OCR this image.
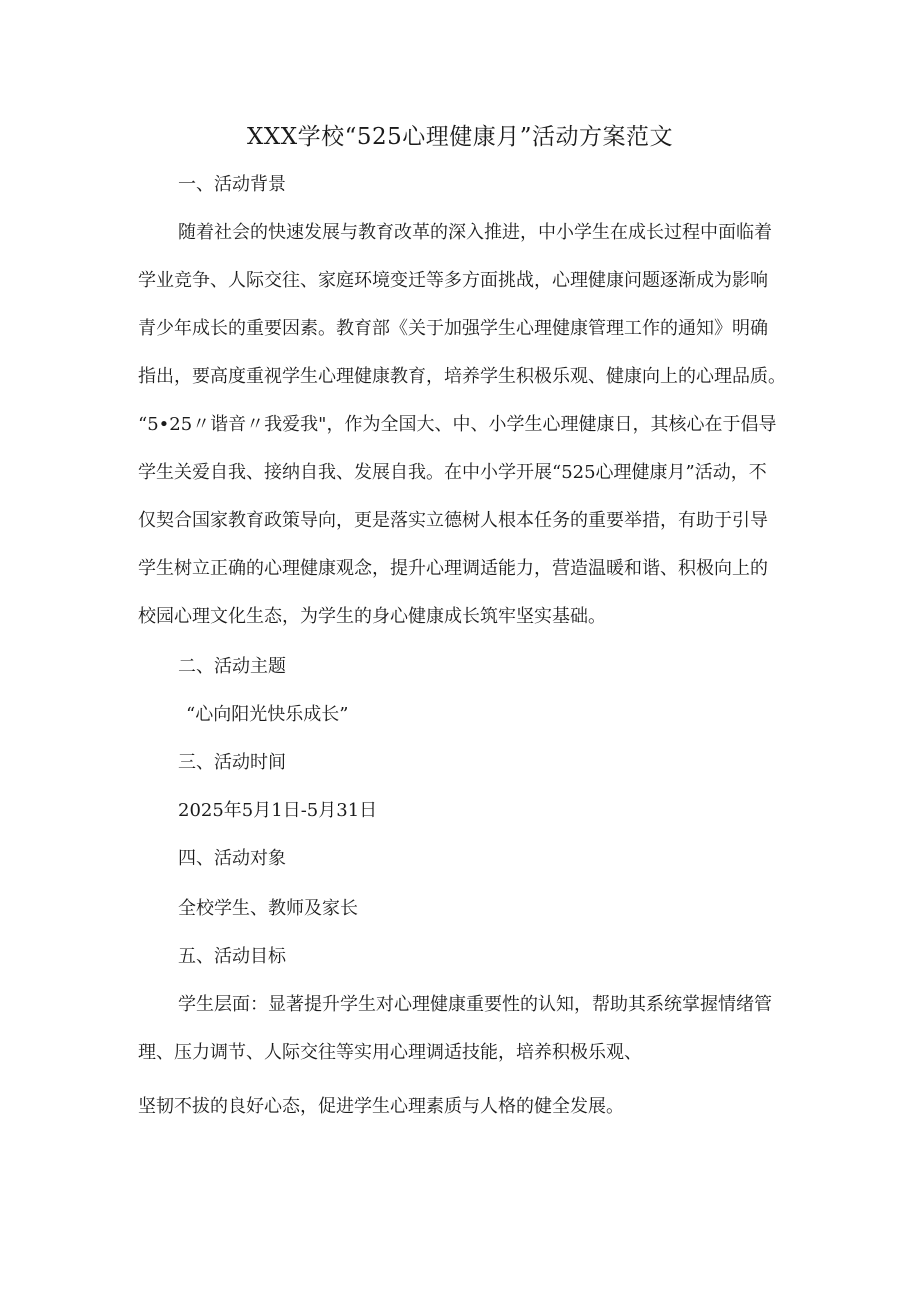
XXX学校“525心理健康月”活动方案范文
一、活动背景
随着社会的快速发展与教育改革的深入推进，中小学生在成长过程中面临着
学业竞争、人际交往、家庭环境变迁等多方面挑战，心理健康问题逐渐成为影响
青少年成长的重要因素。教育部《关于加强学生心理健康管理工作的通知》明确
指出，要高度重视学生心理健康教育，培养学生积极乐观、健康向上的心理品质。
“5•25〃谐音〃我爱我"，作为全国大、中、小学生心理健康日，其核心在于倡导
学生关爱自我、接纳自我、发展自我。在中小学开展“525心理健康月”活动，不
仅契合国家教育政策导向，更是落实立德树人根本任务的重要举措，有助于引导
学生树立正确的心理健康观念，提升心理调适能力，营造温暖和谐、积极向上的
校园心理文化生态，为学生的身心健康成长筑牢坚实基础。
二、活动主题
“心向阳光快乐成长”
三、活动时间
2025年5月1日-5月31日
四、活动对象
全校学生、教师及家长
五、活动目标
学生层面：显著提升学生对心理健康重要性的认知，帮助其系统掌握情绪管
理、压力调节、人际交往等实用心理调适技能，培养积极乐观、
坚韧不拔的良好心态，促进学生心理素质与人格的健全发展。
